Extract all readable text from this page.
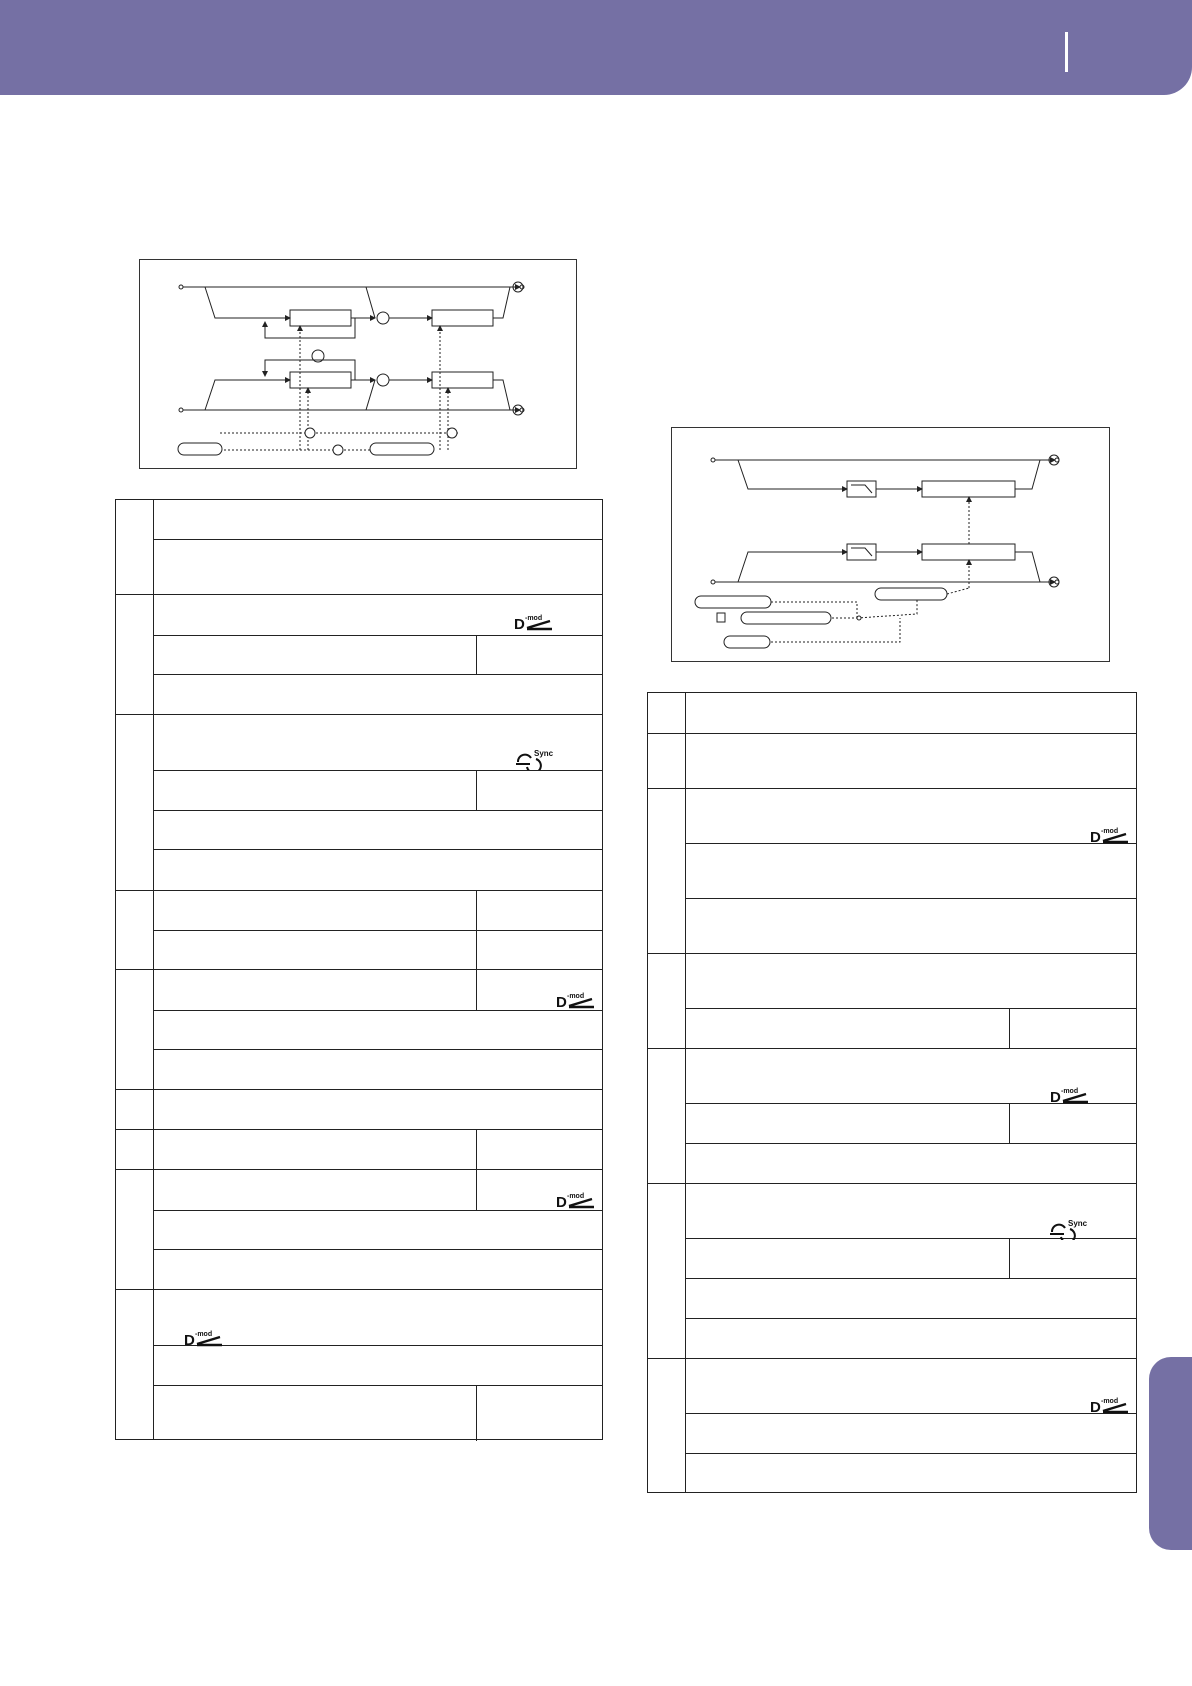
D -mod
Sync
D -mod
D -mod
D -mod
D -mod
D -mod
Sync
D -mod
